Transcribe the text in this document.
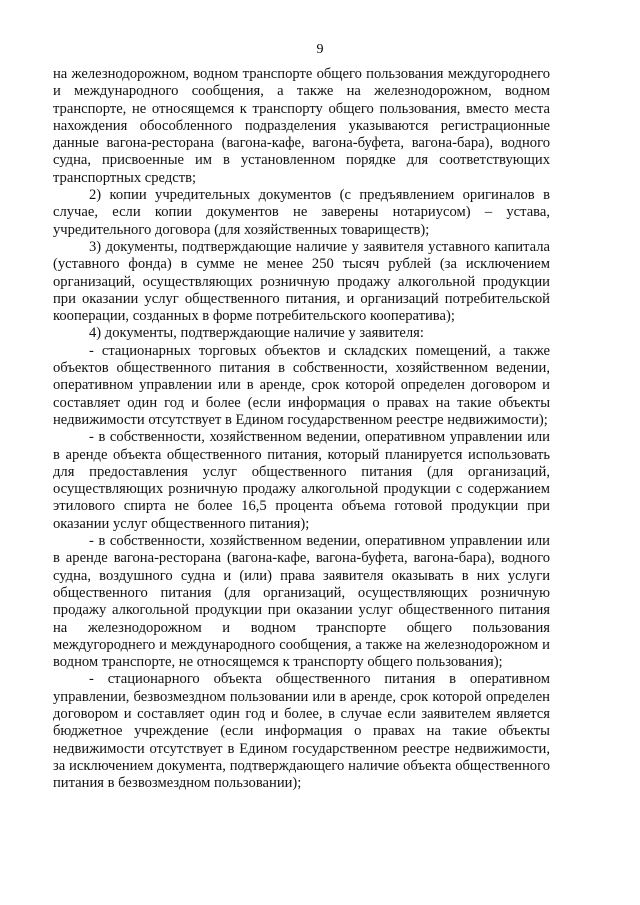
9

на железнодорожном, водном транспорте общего пользования междугороднего и международного сообщения, а также на железнодорожном, водном транспорте, не относящемся к транспорту общего пользования, вместо места нахождения обособленного подразделения указываются регистрационные данные вагона-ресторана (вагона-кафе, вагона-буфета, вагона-бара), водного судна, присвоенные им в установленном порядке для соответствующих транспортных средств;

2) копии учредительных документов (с предъявлением оригиналов в случае, если копии документов не заверены нотариусом) – устава, учредительного договора (для хозяйственных товариществ);

3) документы, подтверждающие наличие у заявителя уставного капитала (уставного фонда) в сумме не менее 250 тысяч рублей (за исключением организаций, осуществляющих розничную продажу алкогольной продукции при оказании услуг общественного питания, и организаций потребительской кооперации, созданных в форме потребительского кооператива);

4) документы, подтверждающие наличие у заявителя:

- стационарных торговых объектов и складских помещений, а также объектов общественного питания в собственности, хозяйственном ведении, оперативном управлении или в аренде, срок которой определен договором и составляет один год и более (если информация о правах на такие объекты недвижимости отсутствует в Едином государственном реестре недвижимости);

- в собственности, хозяйственном ведении, оперативном управлении или в аренде объекта общественного питания, который планируется использовать для предоставления услуг общественного питания (для организаций, осуществляющих розничную продажу алкогольной продукции с содержанием этилового спирта не более 16,5 процента объема готовой продукции при оказании услуг общественного питания);

- в собственности, хозяйственном ведении, оперативном управлении или в аренде вагона-ресторана (вагона-кафе, вагона-буфета, вагона-бара), водного судна, воздушного судна и (или) права заявителя оказывать в них услуги общественного питания (для организаций, осуществляющих розничную продажу алкогольной продукции при оказании услуг общественного питания на железнодорожном и водном транспорте общего пользования междугороднего и международного сообщения, а также на железнодорожном и водном транспорте, не относящемся к транспорту общего пользования);

- стационарного объекта общественного питания в оперативном управлении, безвозмездном пользовании или в аренде, срок которой определен договором и составляет один год и более, в случае если заявителем является бюджетное учреждение (если информация о правах на такие объекты недвижимости отсутствует в Едином государственном реестре недвижимости, за исключением документа, подтверждающего наличие объекта общественного питания в безвозмездном пользовании);
